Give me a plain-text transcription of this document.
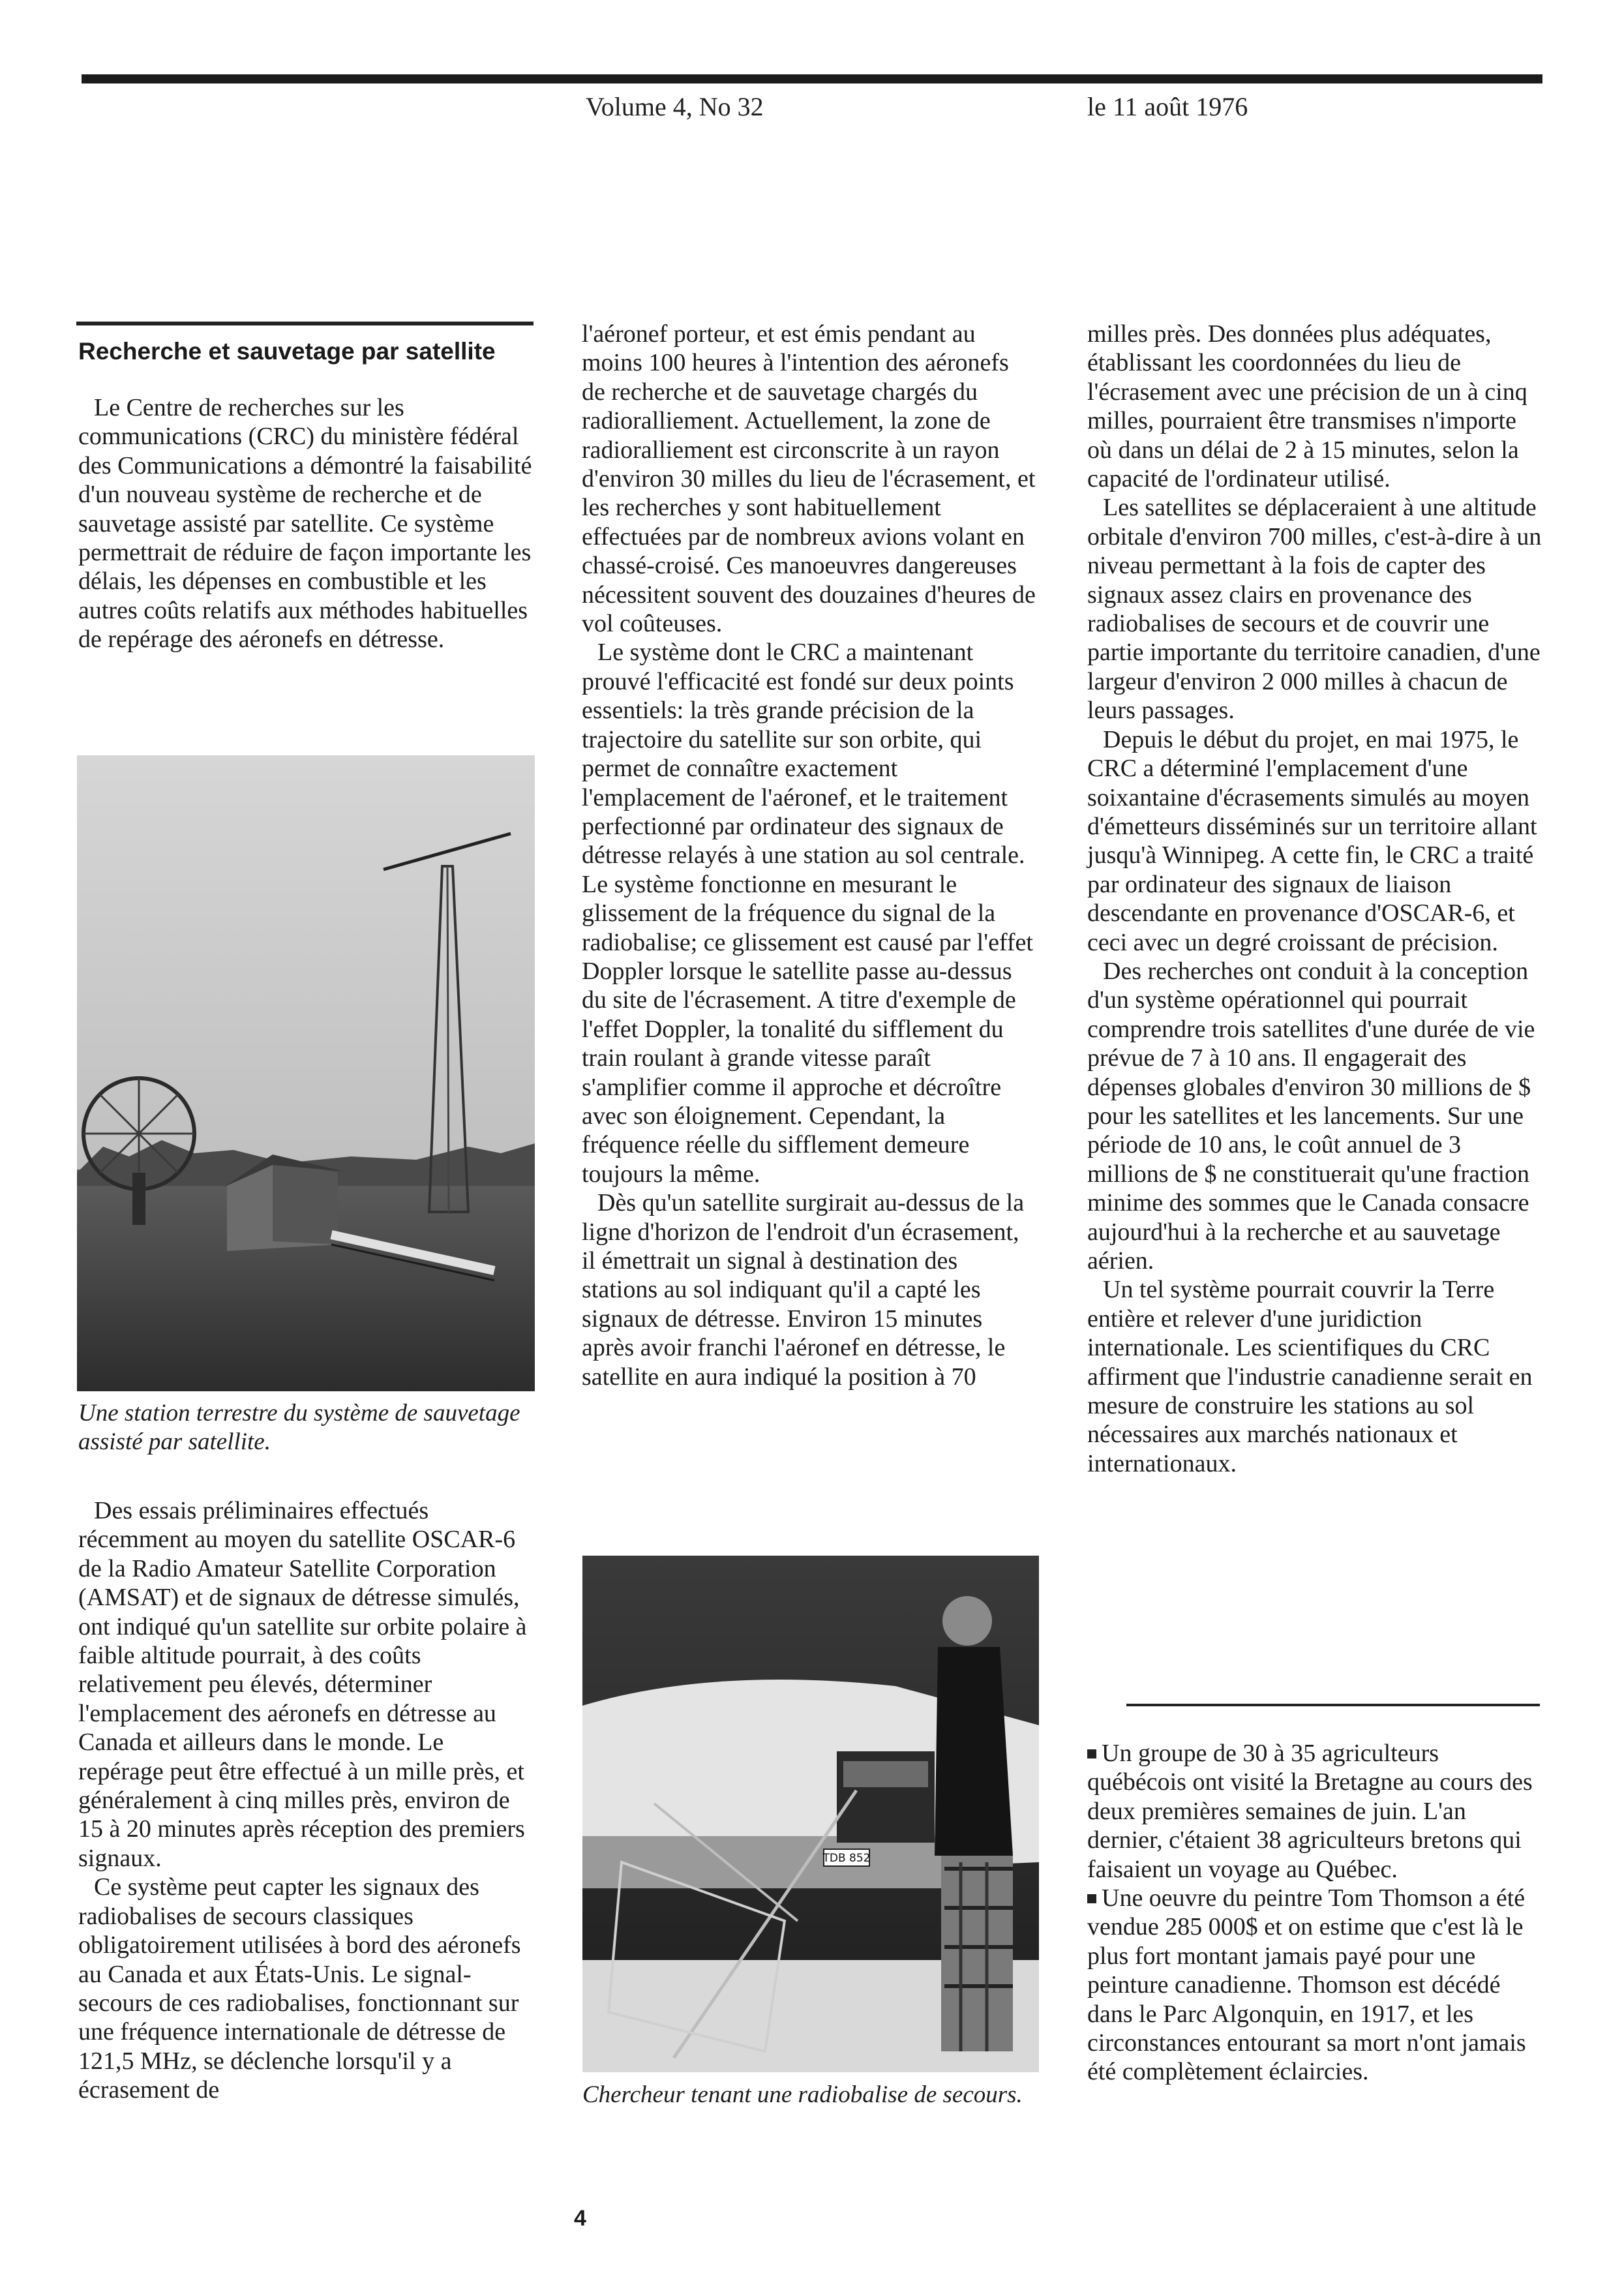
Volume 4, No 32	le 11 août 1976
Recherche et sauvetage par satellite

Le Centre de recherches sur les communications (CRC) du ministère fédéral des Communications a démontré la faisabilité d'un nouveau système de recherche et de sauvetage assisté par satellite. Ce système permettrait de réduire de façon importante les délais, les dépenses en combustible et les autres coûts relatifs aux méthodes habituelles de repérage des aéronefs en détresse.

Une station terrestre du système de sauvetage assisté par satellite.

Des essais préliminaires effectués récemment au moyen du satellite OSCAR-6 de la Radio Amateur Satellite Corporation (AMSAT) et de signaux de détresse simulés, ont indiqué qu'un satellite sur orbite polaire à faible altitude pourrait, à des coûts relativement peu élevés, déterminer l'emplacement des aéronefs en détresse au Canada et ailleurs dans le monde. Le repérage peut être effectué à un mille près, et généralement à cinq milles près, environ de 15 à 20 minutes après réception des premiers signaux.

Ce système peut capter les signaux des radiobalises de secours classiques obligatoirement utilisées à bord des aéronefs au Canada et aux États-Unis. Le signal-secours de ces radiobalises, fonctionnant sur une fréquence internationale de détresse de 121,5 MHz, se déclenche lorsqu'il y a écrasement de

l'aéronef porteur, et est émis pendant au moins 100 heures à l'intention des aéronefs de recherche et de sauvetage chargés du radioralliement. Actuellement, la zone de radioralliement est circonscrite à un rayon d'environ 30 milles du lieu de l'écrasement, et les recherches y sont habituellement effectuées par de nombreux avions volant en chassé-croisé. Ces manoeuvres dangereuses nécessitent souvent des douzaines d'heures de vol coûteuses.

Le système dont le CRC a maintenant prouvé l'efficacité est fondé sur deux points essentiels: la très grande précision de la trajectoire du satellite sur son orbite, qui permet de connaître exactement l'emplacement de l'aéronef, et le traitement perfectionné par ordinateur des signaux de détresse relayés à une station au sol centrale. Le système fonctionne en mesurant le glissement de la fréquence du signal de la radiobalise; ce glissement est causé par l'effet Doppler lorsque le satellite passe au-dessus du site de l'écrasement. A titre d'exemple de l'effet Doppler, la tonalité du sifflement du train roulant à grande vitesse paraît s'amplifier comme il approche et décroître avec son éloignement. Cependant, la fréquence réelle du sifflement demeure toujours la même.

Dès qu'un satellite surgirait au-dessus de la ligne d'horizon de l'endroit d'un écrasement, il émettrait un signal à destination des stations au sol indiquant qu'il a capté les signaux de détresse. Environ 15 minutes après avoir franchi l'aéronef en détresse, le satellite en aura indiqué la position à 70

TDB 852
Chercheur tenant une radiobalise de secours.

milles près. Des données plus adéquates, établissant les coordonnées du lieu de l'écrasement avec une précision de un à cinq milles, pourraient être transmises n'importe où dans un délai de 2 à 15 minutes, selon la capacité de l'ordinateur utilisé.

Les satellites se déplaceraient à une altitude orbitale d'environ 700 milles, c'est-à-dire à un niveau permettant à la fois de capter des signaux assez clairs en provenance des radiobalises de secours et de couvrir une partie importante du territoire canadien, d'une largeur d'environ 2 000 milles à chacun de leurs passages.

Depuis le début du projet, en mai 1975, le CRC a déterminé l'emplacement d'une soixantaine d'écrasements simulés au moyen d'émetteurs disséminés sur un territoire allant jusqu'à Winnipeg. A cette fin, le CRC a traité par ordinateur des signaux de liaison descendante en provenance d'OSCAR-6, et ceci avec un degré croissant de précision.

Des recherches ont conduit à la conception d'un système opérationnel qui pourrait comprendre trois satellites d'une durée de vie prévue de 7 à 10 ans. Il engagerait des dépenses globales d'environ 30 millions de $ pour les satellites et les lancements. Sur une période de 10 ans, le coût annuel de 3 millions de $ ne constituerait qu'une fraction minime des sommes que le Canada consacre aujourd'hui à la recherche et au sauvetage aérien.

Un tel système pourrait couvrir la Terre entière et relever d'une juridiction internationale. Les scientifiques du CRC affirment que l'industrie canadienne serait en mesure de construire les stations au sol nécessaires aux marchés nationaux et internationaux.

Un groupe de 30 à 35 agriculteurs québécois ont visité la Bretagne au cours des deux premières semaines de juin. L'an dernier, c'étaient 38 agriculteurs bretons qui faisaient un voyage au Québec.

Une oeuvre du peintre Tom Thomson a été vendue 285 000$ et on estime que c'est là le plus fort montant jamais payé pour une peinture canadienne. Thomson est décédé dans le Parc Algonquin, en 1917, et les circonstances entourant sa mort n'ont jamais été complètement éclaircies.

4
